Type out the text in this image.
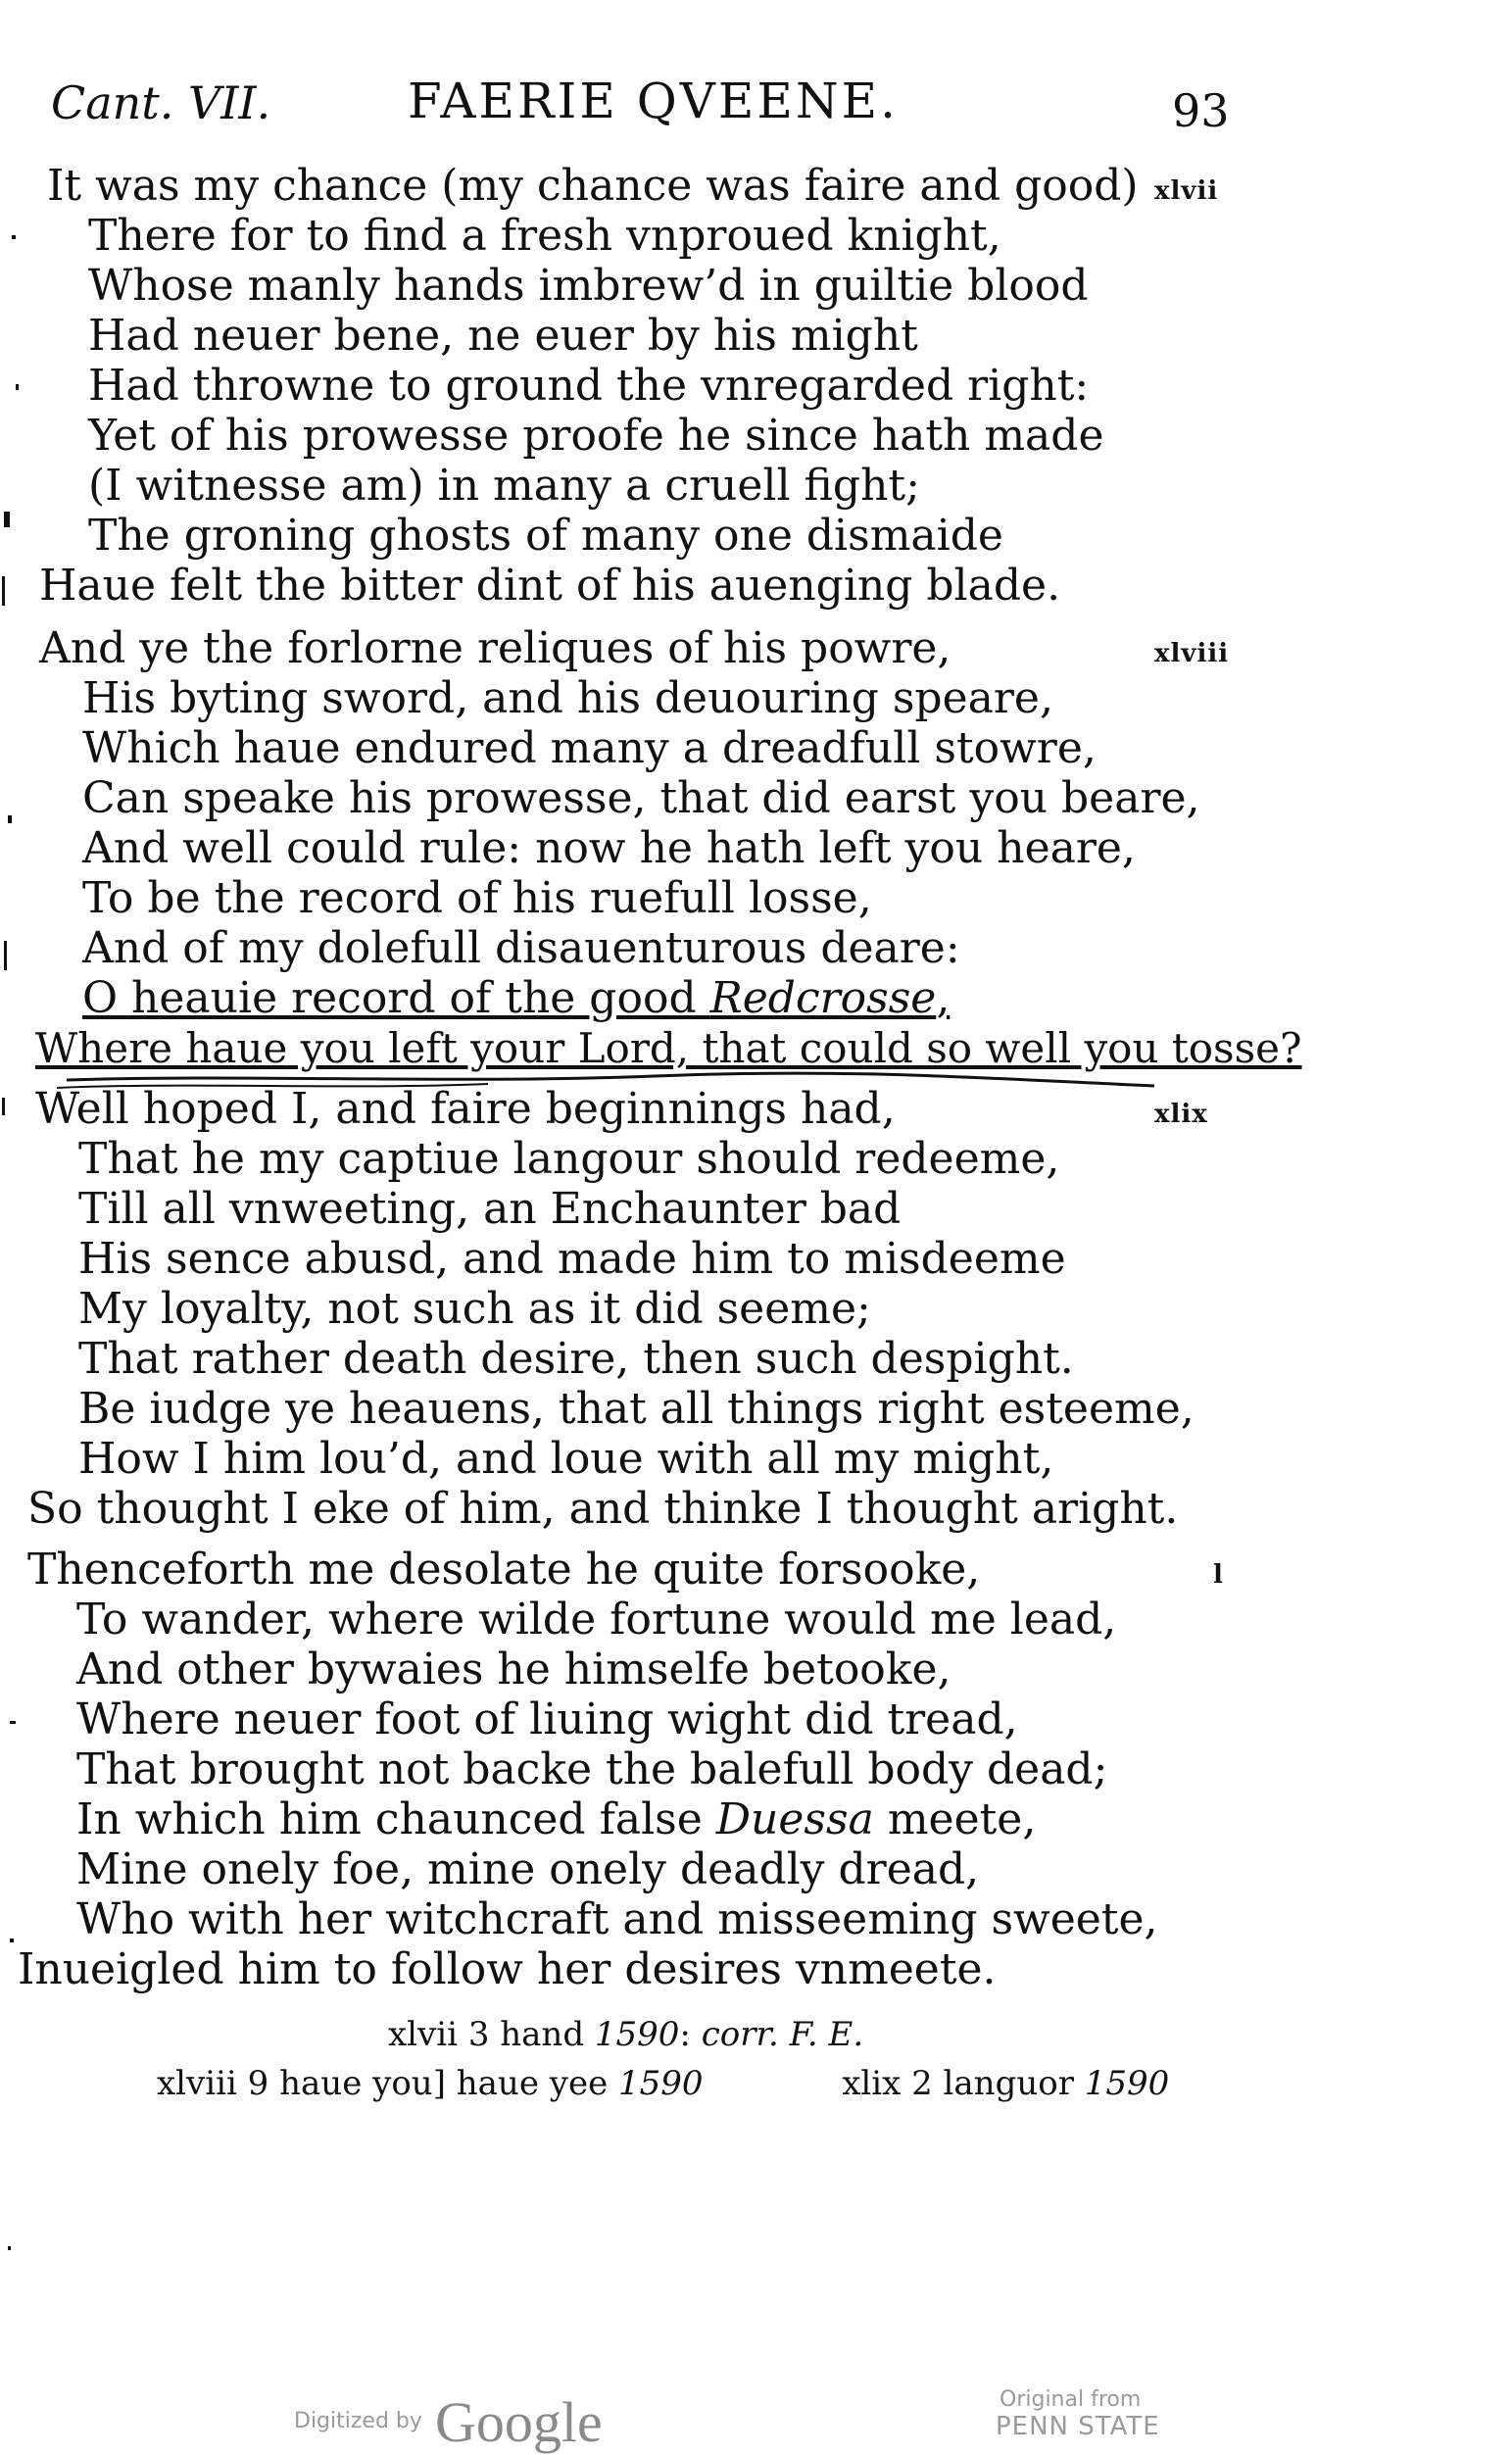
Cant. VII.	FAERIE QVEENE.	93
xlvii
It was my chance (my chance was faire and good)
There for to find a fresh vnproued knight,
Whose manly hands imbrew’d in guiltie blood
Had neuer bene, ne euer by his might
Had throwne to ground the vnregarded right:
Yet of his prowesse proofe he since hath made
(I witnesse am) in many a cruell fight;
The groning ghosts of many one dismaide
Haue felt the bitter dint of his auenging blade.
xlviii
And ye the forlorne reliques of his powre,
His byting sword, and his deuouring speare,
Which haue endured many a dreadfull stowre,
Can speake his prowesse, that did earst you beare,
And well could rule: now he hath left you heare,
To be the record of his ruefull losse,
And of my dolefull disauenturous deare:
O heauie record of the good Redcrosse,
Where haue you left your Lord, that could so well you tosse?
xlix
Well hoped I, and faire beginnings had,
That he my captiue langour should redeeme,
Till all vnweeting, an Enchaunter bad
His sence abusd, and made him to misdeeme
My loyalty, not such as it did seeme;
That rather death desire, then such despight.
Be iudge ye heauens, that all things right esteeme,
How I him lou’d, and loue with all my might,
So thought I eke of him, and thinke I thought aright.
l
Thenceforth me desolate he quite forsooke,
To wander, where wilde fortune would me lead,
And other bywaies he himselfe betooke,
Where neuer foot of liuing wight did tread,
That brought not backe the balefull body dead;
In which him chaunced false Duessa meete,
Mine onely foe, mine onely deadly dread,
Who with her witchcraft and misseeming sweete,
Inueigled him to follow her desires vnmeete.
xlvii 3 hand 1590: corr. F. E.
xlviii 9 haue you] haue yee 1590	xlix 2 languor 1590
Digitized by Google	Original from
PENN STATE
